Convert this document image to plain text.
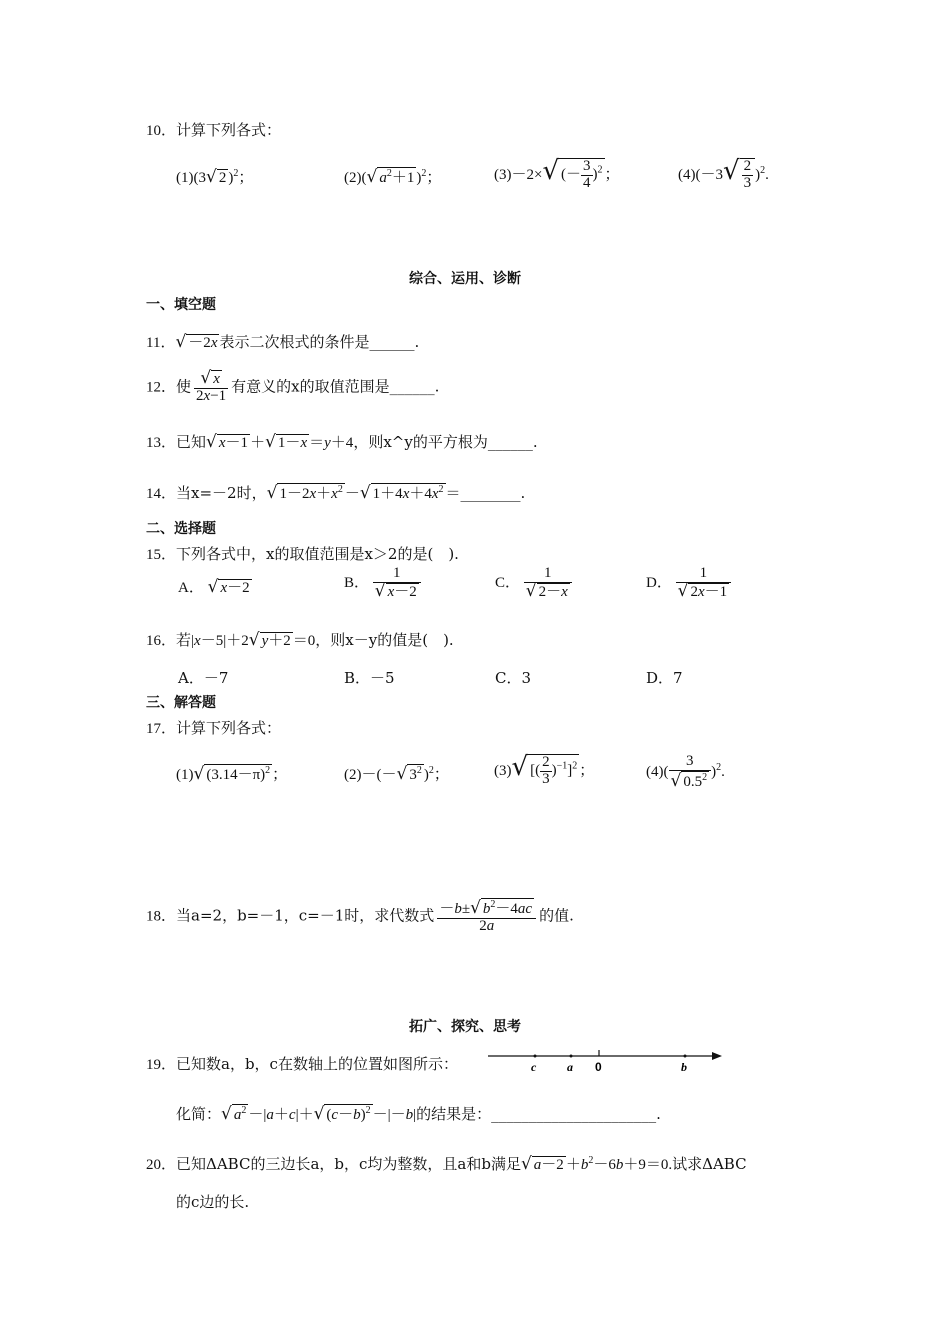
10．计算下列各式：
(1)(3√ 2 )$^2$；	(2)(√ $a^2+1$ )$^2$；	(3)－2×√ (－ $\frac{3}{4} )^2$ ；	$(4)(-3√ \frac{2}{3} )^2$.
综合、运用、诊断
一、填空题
11．√ －2x 表示二次根式的条件是______.
12．使 $\frac{√ x}{2x-1}$ 有意义的x的取值范围是______.
13．已知√ x－1 ＋√ 1－x ＝y＋4，则x^y的平方根为______.
14．当x=－2时，√ $1-2x+x^2$ －√ $1+4x+4x^2$ ＝________.
二、选择题
15．下列各式中，x的取值范围是x＞2的是(　).
A． √ x－2	B． $\frac{1}{√ x-2}$	C． $\frac{1}{√ 2-x}$	D． $\frac{1}{√ 2x-1}$
16．若|x－5|＋2√ y＋2 ＝0，则x－y的值是(　).
A．－7	B．－5	C．3	D．7
三、解答题
17．计算下列各式：
(1)√ $(3.14-\pi)^2$ ；	(2)－(－√ $3^2$ )$^2$；	(3)√ [( $\frac{2}{3} )^{-1}]^2$ ；	$(4)( \frac{3}{√ 0.5^2} )^2$.
18．当a=2，b=－1，c=－1时，求代数式 $\frac{-b\pm√ b^2-4ac}{2a}$ 的值.
拓广、探究、思考
19．已知数a，b，c在数轴上的位置如图所示：	c	a 0	b
化简：√ $a^2 -|a+c|+√$ $(c-b)^2 -|-b|$的结果是：______________________.
20．已知ΔABC的三边长a，b，c均为整数，且a和b满足√ $a-2 +b^2-6b+9=0$.试求ΔABC
的c边的长.
